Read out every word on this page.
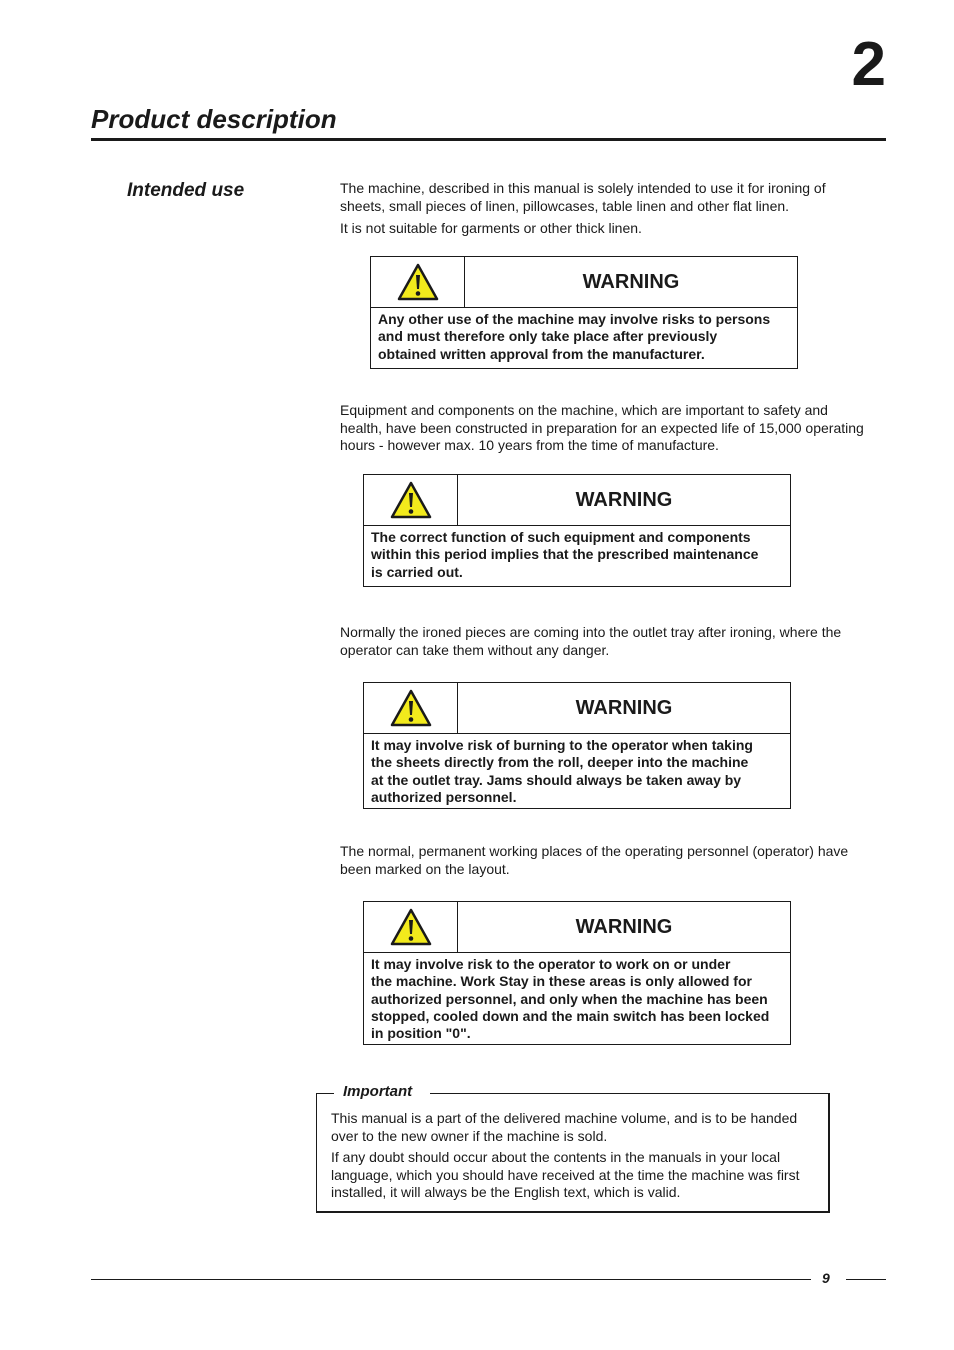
2
Product description
Intended use	The machine, described in this manual is solely intended to use it for ironing of
sheets, small pieces of linen, pillowcases, table linen and other flat linen.
It is not suitable for garments or other thick linen.
WARNING
Any other use of the machine may involve risks to persons
and must therefore only take place after previously
obtained written approval from the manufacturer.
Equipment and components on the machine, which are important to safety and
health, have been constructed in preparation for an expected life of 15,000 operating
hours - however max. 10 years from the time of manufacture.
WARNING
The correct function of such equipment and components
within this period implies that the prescribed maintenance
is carried out.
Normally the ironed pieces are coming into the outlet tray after ironing, where the
operator can take them without any danger.
WARNING
It may involve risk of burning to the operator when taking
the sheets directly from the roll, deeper into the machine
at the outlet tray. Jams should always be taken away by
authorized personnel.
The normal, permanent working places of the operating personnel (operator) have
been marked on the layout.
WARNING
It may involve risk to the operator to work on or under
the machine. Work Stay in these areas is only allowed for
authorized personnel, and only when the machine has been
stopped, cooled down and the main switch has been locked
in position "0".
Important
This manual is a part of the delivered machine volume, and is to be handed
over to the new owner if the machine is sold.
If any doubt should occur about the contents in the manuals in your local
language, which you should have received at the time the machine was first
installed, it will always be the English text, which is valid.
9
